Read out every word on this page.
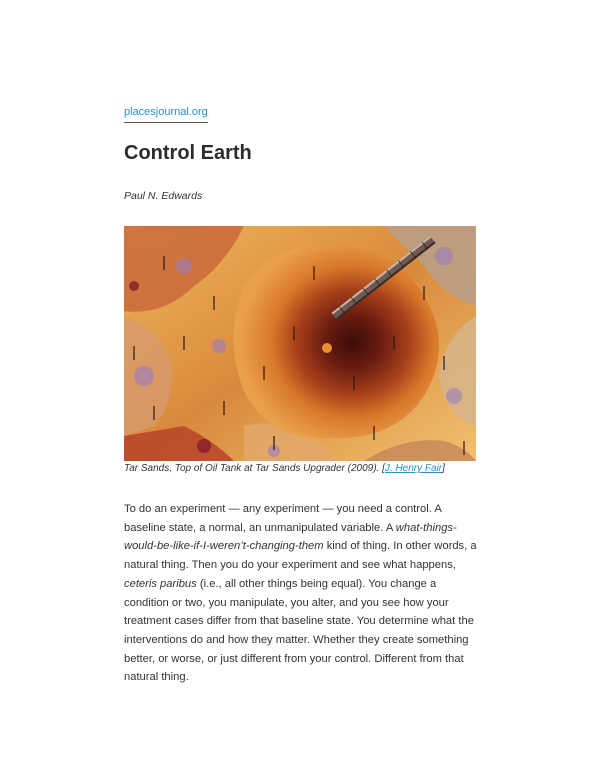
placesjournal.org
Control Earth
Paul N. Edwards
Tar Sands, Top of Oil Tank at Tar Sands Upgrader (2009). [J. Henry Fair]

To do an experiment — any experiment — you need a control. A baseline state, a normal, an unmanipulated variable. A what-things-would-be-like-if-I-weren’t-changing-them kind of thing. In other words, a natural thing. Then you do your experiment and see what happens, ceteris paribus (i.e., all other things being equal). You change a condition or two, you manipulate, you alter, and you see how your treatment cases differ from that baseline state. You determine what the interventions do and how they matter. Whether they create something better, or worse, or just different from your control. Different from that natural thing.
